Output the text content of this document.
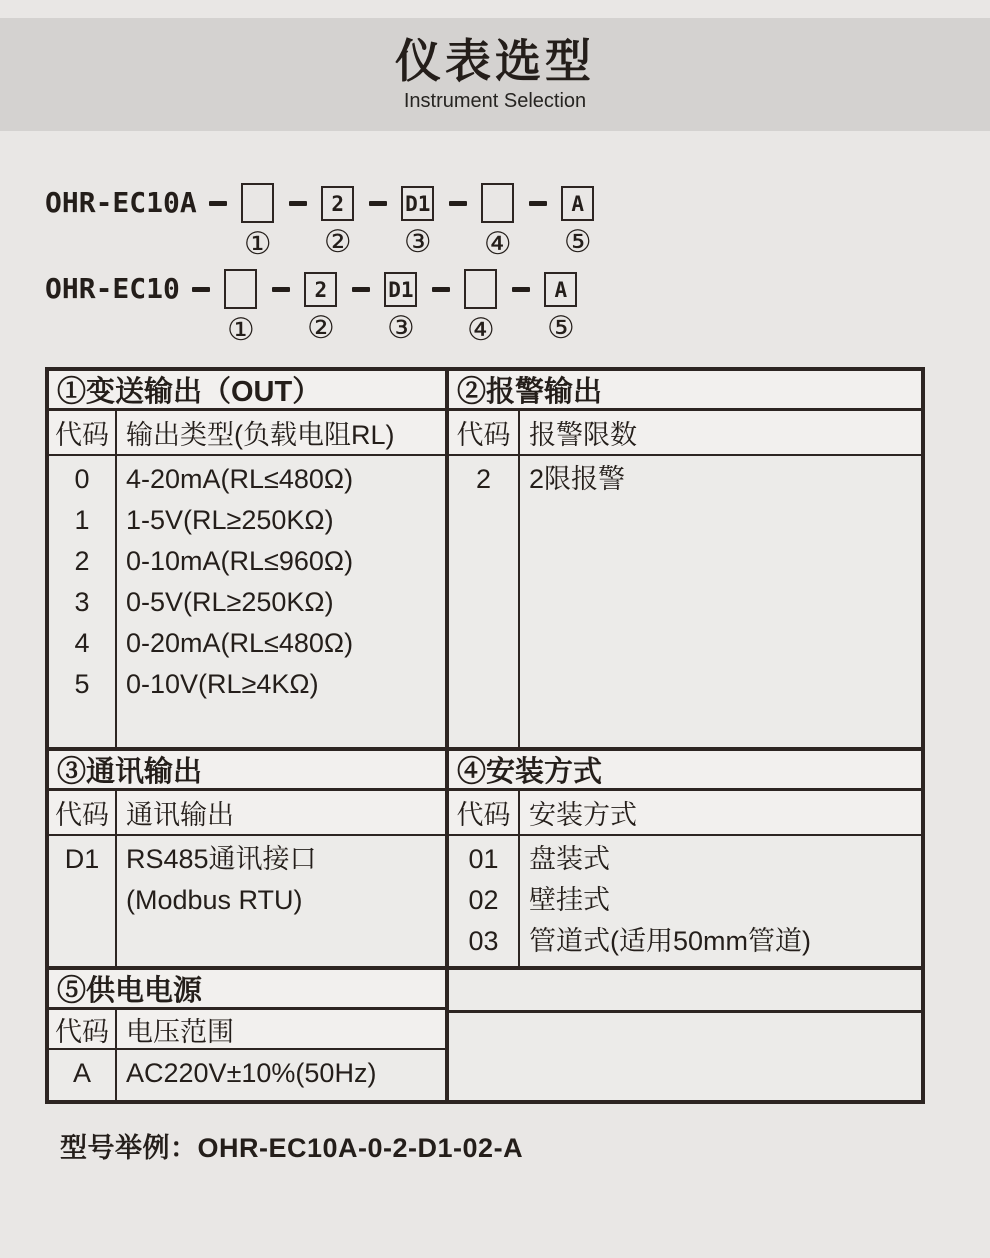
仪表选型
Instrument Selection
OHR-EC10A
①
2
②
D1
③ ④
A
⑤
OHR-EC10
①
2
②
D1
③ ④
A
⑤
①变送输出（OUT）
代码 输出类型(负载电阻RL)
0
1
2
3
4
5
4-20mA(RL≤480Ω)
1-5V(RL≥250KΩ)
0-10mA(RL≤960Ω)
0-5V(RL≥250KΩ)
0-20mA(RL≤480Ω)
0-10V(RL≥4KΩ)
②报警输出
代码 报警限数
2	2限报警
③通讯输出
代码 通讯输出
D1 RS485通讯接口
(Modbus RTU)
④安装方式
代码 安装方式
01
02
03
盘装式
壁挂式
管道式(适用50mm管道)
⑤供电电源
代码 电压范围
A	AC220V±10%(50Hz)
型号举例：OHR-EC10A-0-2-D1-02-A
